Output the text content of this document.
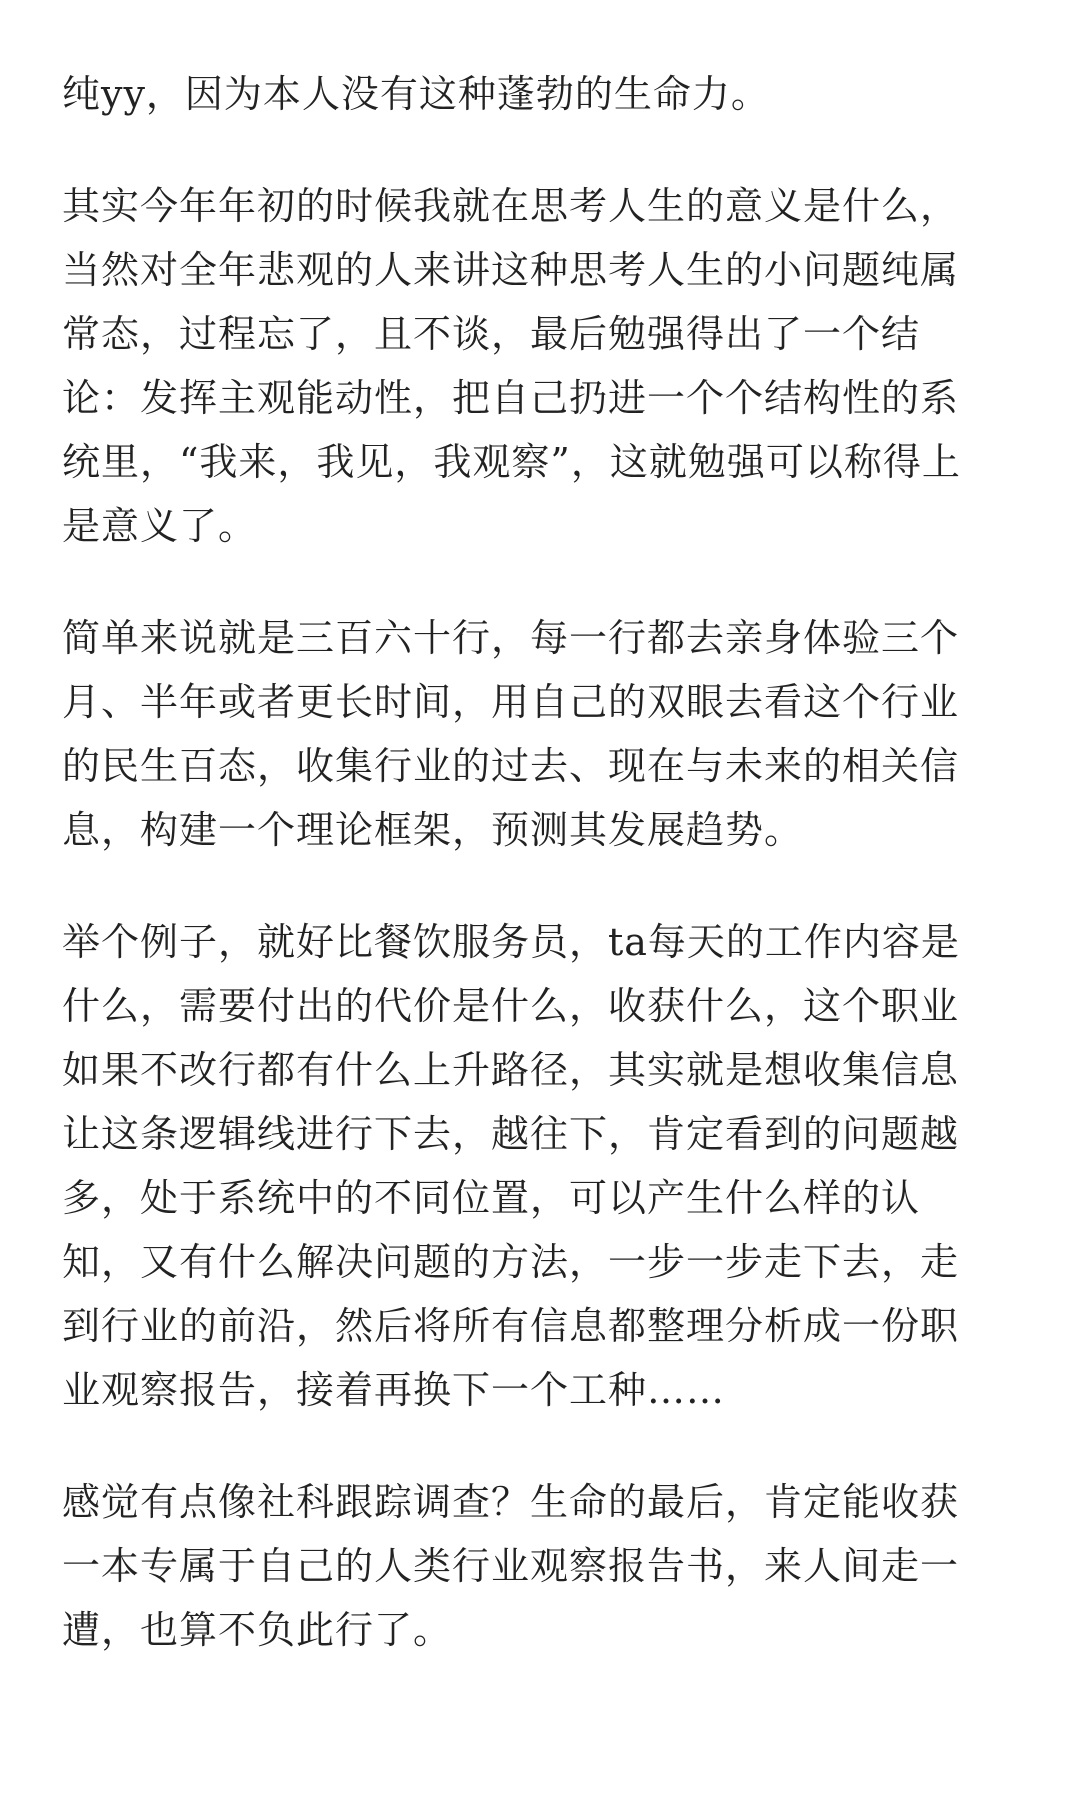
纯yy，因为本人没有这种蓬勃的生命力。
其实今年年初的时候我就在思考人生的意义是什么，
当然对全年悲观的人来讲这种思考人生的小问题纯属
常态，过程忘了，且不谈，最后勉强得出了一个结
论：发挥主观能动性，把自己扔进一个个结构性的系
统里，“我来，我见，我观察”，这就勉强可以称得上
是意义了。
简单来说就是三百六十行，每一行都去亲身体验三个
月、半年或者更长时间，用自己的双眼去看这个行业
的民生百态，收集行业的过去、现在与未来的相关信
息，构建一个理论框架，预测其发展趋势。
举个例子，就好比餐饮服务员，ta每天的工作内容是
什么，需要付出的代价是什么，收获什么，这个职业
如果不改行都有什么上升路径，其实就是想收集信息
让这条逻辑线进行下去，越往下，肯定看到的问题越
多，处于系统中的不同位置，可以产生什么样的认
知，又有什么解决问题的方法，一步一步走下去，走
到行业的前沿，然后将所有信息都整理分析成一份职
业观察报告，接着再换下一个工种……
感觉有点像社科跟踪调查？生命的最后，肯定能收获
一本专属于自己的人类行业观察报告书，来人间走一
遭，也算不负此行了。
